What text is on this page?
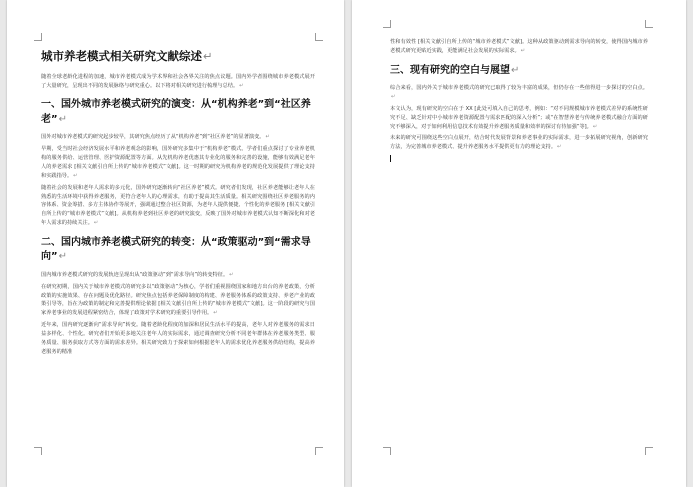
城市养老模式相关研究文献综述↵

随着全球老龄化进程的加速，城市养老模式成为学术界和社会各界关注的焦点议题。国内外学者围绕城市养老模式展开了大量研究，呈现出不同的发展脉络与研究重心。以下将对相关研究进行梳理与总结。↵

一、国外城市养老模式研究的演变：从“机构养老”到“社区养老”↵

国外对城市养老模式的研究起步较早，其研究焦点经历了从“机构养老”到“社区养老”的显著演变。↵

早期，受当时社会经济发展水平和养老观念的影响，国外研究多集中于“机构养老”模式。学者们重点探讨了专业养老机构的服务供给、运营管理、医护资源配置等方面。从先机构养老优惠其专业化的服务和完善的设施，能够有效满足老年人的养老需求 [相关文献引自所上传的“城市养老模式”文献]。这一时期的研究为机构养老的规范化发展提供了理论支持和实践指导。↵

随着社会的发展和老年人需求的多元化，国外研究逐渐转向“社区养老”模式。研究者们发现，社区养老能够让老年人在熟悉的生活环境中获得养老服务，更符合老年人的心理需求，有助于提高其生活质量。相关研究围绕社区养老服务的内容体系、资金筹措、多方主体协作等展开，强调通过整合社区资源，为老年人提供便捷、个性化的养老服务 [相关文献引自所上传的“城市养老模式”文献]。从机构养老到社区养老的研究演变，反映了国外对城市养老模式认知不断深化和对老年人需求的持续关注。↵

二、国内城市养老模式研究的转变：从“政策驱动”到“需求导向”↵

国内城市养老模式研究的发展轨迹呈现出从“政策驱动”到“需求导向”的转变特征。↵

在研究初期，国内关于城市养老模式的研究多以“政策驱动”为核心，学者们重视围绕国家和地方出台的养老政策，分析政策的实施效果、存在问题及优化路径。研究焦点包括养老保障制度的构建、养老服务体系的政策支持、养老产业的政策引导等，旨在为政策的制定和完善提供理论依据 [相关文献引自所上传的“城市养老模式”文献]。这一阶段的研究与国家养老事业的发展进程紧密结合，体现了政策对学术研究的重要引导作用。↵

近年来，国内研究逐渐向“需求导向”转变。随着老龄化程度的加深和居民生活水平的提高，老年人对养老服务的需求日益多样化、个性化。研究者们开始更多地关注老年人的实际需求，通过调查研究分析不同老年群体在养老服务类型、服务质量、服务获取方式等方面的需求差异。相关研究致力于探索如何根据老年人的需求优化养老服务供给结构，提高养老服务的精准

性和有效性 [相关文献引自所上传的“城市养老模式”文献]。这种从政策驱动到需求导向的转变，使得国内城市养老模式研究更贴近实践，更能满足社会发展的实际需求。↵

三、现有研究的空白与展望↵

综合来看，国内外关于城市养老模式的研究已取得了较为丰富的成果，但仍存在一些值得进一步探讨的空白点。↵

本文认为，现有研究的空白在于 XX [此处可填入自己的思考，例如：“对不同规模城市养老模式差异的系统性研究不足、缺乏针对中小城市养老资源配置与需求匹配的深入分析”；或“在智慧养老与传统养老模式融合方面的研究不够深入，对于如何利用信息技术有效提升养老服务质量和效率的探讨有待加强”等]。↵

未来的研究可围绕这些空白点展开，结合时代发展背景和养老事业的实际需求，进一步拓展研究视角，创新研究方法，为完善城市养老模式、提升养老服务水平提供更有力的理论支持。↵
